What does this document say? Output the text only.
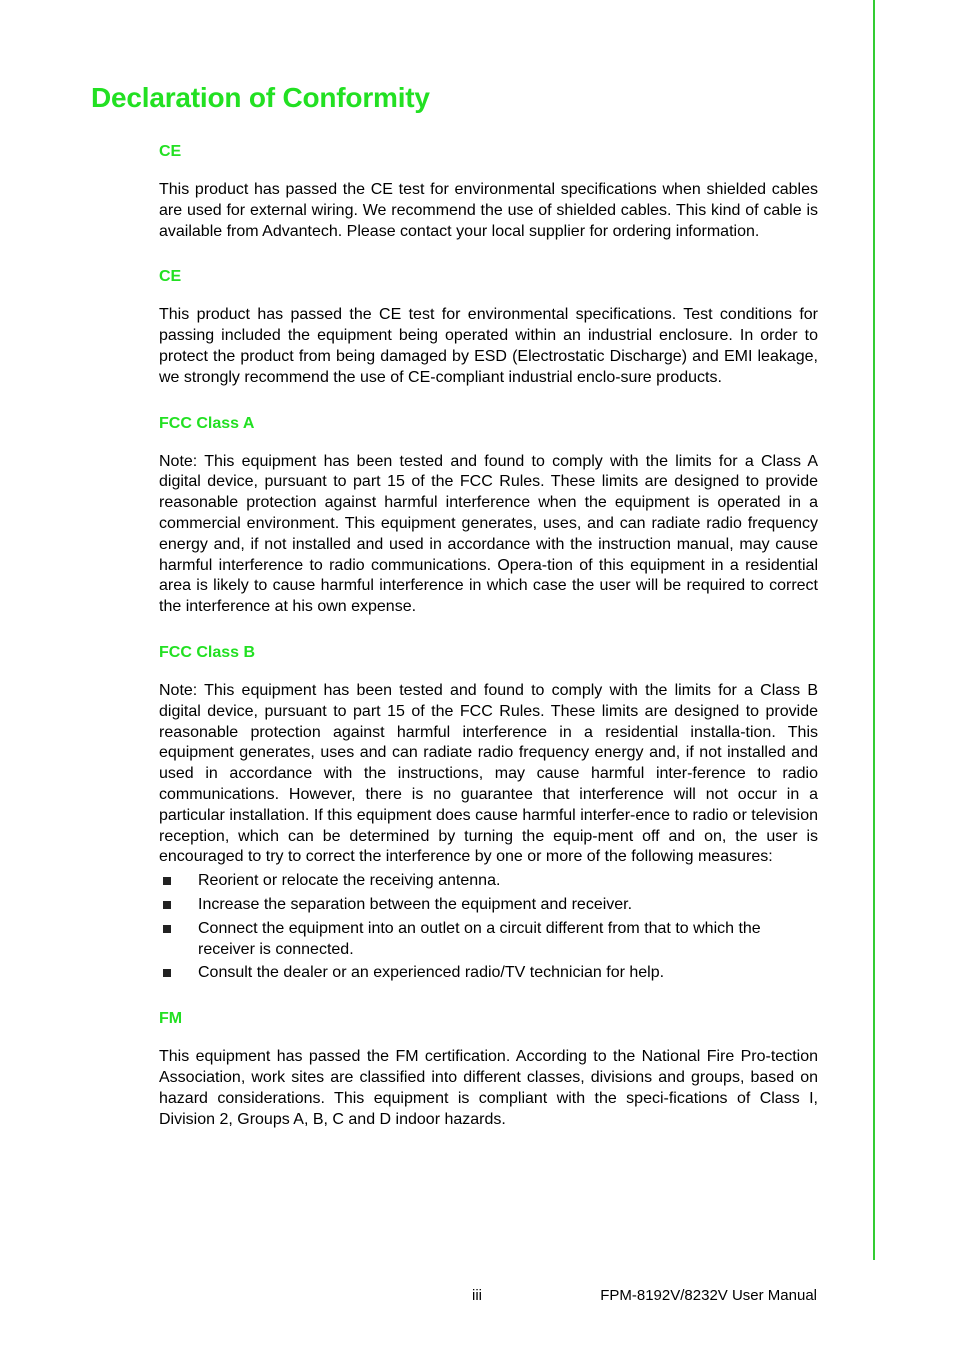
Declaration of Conformity
CE

This product has passed the CE test for environmental specifications when shielded cables are used for external wiring. We recommend the use of shielded cables. This kind of cable is available from Advantech. Please contact your local supplier for ordering information.

CE

This product has passed the CE test for environmental specifications. Test conditions for passing included the equipment being operated within an industrial enclosure. In order to protect the product from being damaged by ESD (Electrostatic Discharge) and EMI leakage, we strongly recommend the use of CE-compliant industrial enclo-sure products.

FCC Class A

Note: This equipment has been tested and found to comply with the limits for a Class A digital device, pursuant to part 15 of the FCC Rules. These limits are designed to provide reasonable protection against harmful interference when the equipment is operated in a commercial environment. This equipment generates, uses, and can radiate radio frequency energy and, if not installed and used in accordance with the instruction manual, may cause harmful interference to radio communications. Opera-tion of this equipment in a residential area is likely to cause harmful interference in which case the user will be required to correct the interference at his own expense.

FCC Class B

Note: This equipment has been tested and found to comply with the limits for a Class B digital device, pursuant to part 15 of the FCC Rules. These limits are designed to provide reasonable protection against harmful interference in a residential installa-tion. This equipment generates, uses and can radiate radio frequency energy and, if not installed and used in accordance with the instructions, may cause harmful inter-ference to radio communications. However, there is no guarantee that interference will not occur in a particular installation. If this equipment does cause harmful interfer-ence to radio or television reception, which can be determined by turning the equip-ment off and on, the user is encouraged to try to correct the interference by one or more of the following measures:

Reorient or relocate the receiving antenna.
Increase the separation between the equipment and receiver.
Connect the equipment into an outlet on a circuit different from that to which the receiver is connected.
Consult the dealer or an experienced radio/TV technician for help.
FM

This equipment has passed the FM certification. According to the National Fire Pro-tection Association, work sites are classified into different classes, divisions and groups, based on hazard considerations. This equipment is compliant with the speci-fications of Class I, Division 2, Groups A, B, C and D indoor hazards.

iii	FPM-8192V/8232V User Manual
